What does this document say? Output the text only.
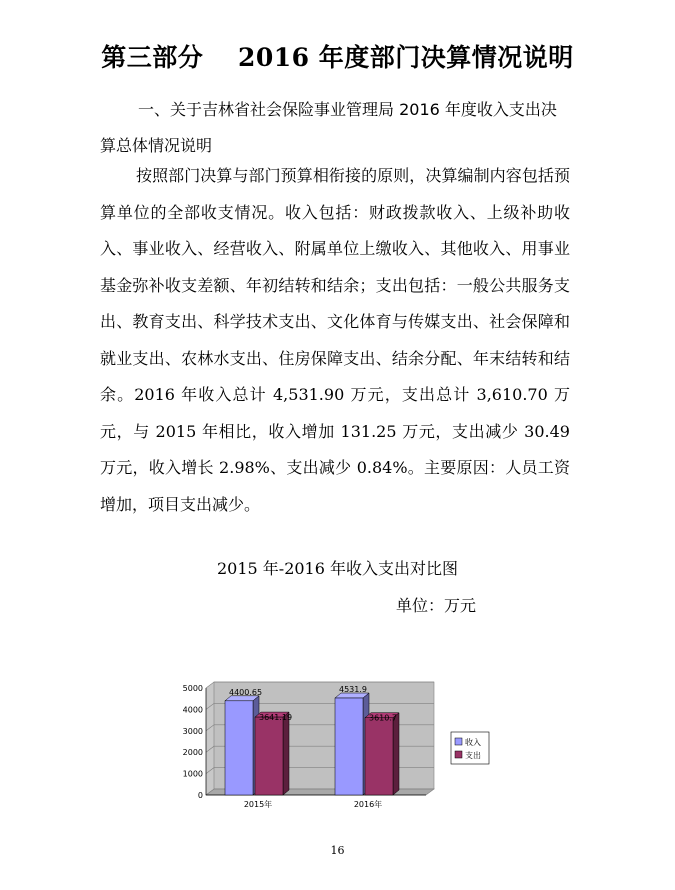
第三部分　 2016 年度部门决算情况说明
一、关于吉林省社会保险事业管理局 2016 年度收入支出决算总体情况说明
按照部门决算与部门预算相衔接的原则，决算编制内容包括预算单位的全部收支情况。收入包括：财政拨款收入、上级补助收入、事业收入、经营收入、附属单位上缴收入、其他收入、用事业基金弥补收支差额、年初结转和结余；支出包括：一般公共服务支出、教育支出、科学技术支出、文化体育与传媒支出、社会保障和就业支出、农林水支出、住房保障支出、结余分配、年末结转和结余。2016 年收入总计 4,531.90 万元，支出总计 3,610.70 万元，与 2015 年相比，收入增加 131.25 万元，支出减少 30.49 万元，收入增长 2.98%、支出减少 0.84%。主要原因：人员工资增加，项目支出减少。
2015 年-2016 年收入支出对比图
单位：万元
0
1000
2000
3000
4000
5000	4400.65
3641.19
2015年
4531.9
3610.7
2016年
收入
支出
16
